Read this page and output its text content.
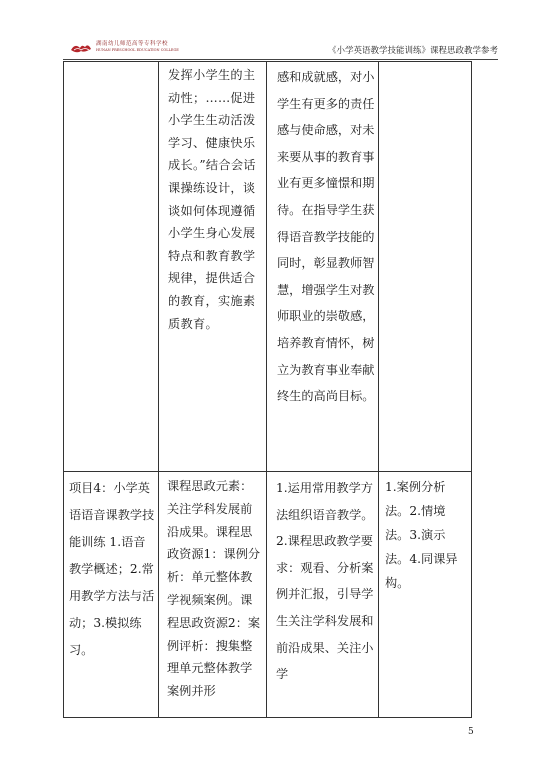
湖南幼儿师范高等专科学校
HUNAN PRESCHOOL EDUCATION COLLEGE	《小学英语教学技能训练》课程思政教学参考
发挥小学生的主动性；……促进小学生生动活泼学习、健康快乐成长。”结合会话课操练设计，谈谈如何体现遵循小学生身心发展特点和教育教学规律，提供适合的教育，实施素质教育。
感和成就感，对小学生有更多的责任感与使命感，对未来要从事的教育事业有更多憧憬和期待。在指导学生获得语音教学技能的同时，彰显教师智慧，增强学生对教师职业的崇敬感，培养教育情怀，树立为教育事业奉献终生的高尚目标。
项目4：小学英语语音课教学技能训练 1.语音教学概述；2.常用教学方法与活动；3.模拟练习。
课程思政元素：关注学科发展前沿成果。课程思政资源1：课例分析：单元整体教学视频案例。课程思政资源2：案例评析：搜集整理单元整体教学案例并形
1.运用常用教学方法组织语音教学。2.课程思政教学要求：观看、分析案例并汇报，引导学生关注学科发展和前沿成果、关注小学
1.案例分析法。2.情境法。3.演示法。4.同课异构。
5
